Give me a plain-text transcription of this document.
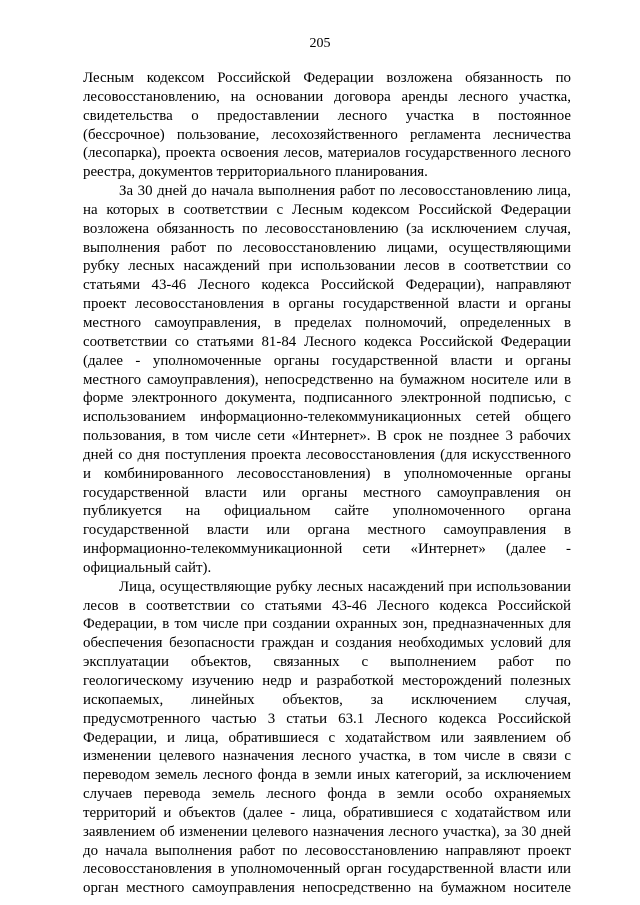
205
Лесным кодексом Российской Федерации возложена обязанность по
лесовосстановлению, на основании договора аренды лесного участка,
свидетельства о предоставлении лесного участка в постоянное
(бессрочное) пользование, лесохозяйственного регламента лесничества
(лесопарка), проекта освоения лесов, материалов государственного лесного
реестра, документов территориального планирования.
За 30 дней до начала выполнения работ по лесовосстановлению лица,
на которых в соответствии с Лесным кодексом Российской Федерации
возложена обязанность по лесовосстановлению (за исключением случая,
выполнения работ по лесовосстановлению лицами, осуществляющими
рубку лесных насаждений при использовании лесов в соответствии со
статьями 43-46 Лесного кодекса Российской Федерации), направляют
проект лесовосстановления в органы государственной власти и органы
местного самоуправления, в пределах полномочий, определенных в
соответствии со статьями 81-84 Лесного кодекса Российской Федерации
(далее - уполномоченные органы государственной власти и органы
местного самоуправления), непосредственно на бумажном носителе или в
форме электронного документа, подписанного электронной подписью, с
использованием информационно-телекоммуникационных сетей общего
пользования, в том числе сети «Интернет». В срок не позднее 3 рабочих
дней со дня поступления проекта лесовосстановления (для искусственного
и комбинированного лесовосстановления) в уполномоченные органы
государственной власти или органы местного самоуправления он
публикуется на официальном сайте уполномоченного органа
государственной власти или органа местного самоуправления в
информационно-телекоммуникационной сети «Интернет» (далее -
официальный сайт).
Лица, осуществляющие рубку лесных насаждений при использовании
лесов в соответствии со статьями 43-46 Лесного кодекса Российской
Федерации, в том числе при создании охранных зон, предназначенных для
обеспечения безопасности граждан и создания необходимых условий для
эксплуатации объектов, связанных с выполнением работ по
геологическому изучению недр и разработкой месторождений полезных
ископаемых, линейных объектов, за исключением случая,
предусмотренного частью 3 статьи 63.1 Лесного кодекса Российской
Федерации, и лица, обратившиеся с ходатайством или заявлением об
изменении целевого назначения лесного участка, в том числе в связи с
переводом земель лесного фонда в земли иных категорий, за исключением
случаев перевода земель лесного фонда в земли особо охраняемых
территорий и объектов (далее - лица, обратившиеся с ходатайством или
заявлением об изменении целевого назначения лесного участка), за 30 дней
до начала выполнения работ по лесовосстановлению направляют проект
лесовосстановления в уполномоченный орган государственной власти или
орган местного самоуправления непосредственно на бумажном носителе
